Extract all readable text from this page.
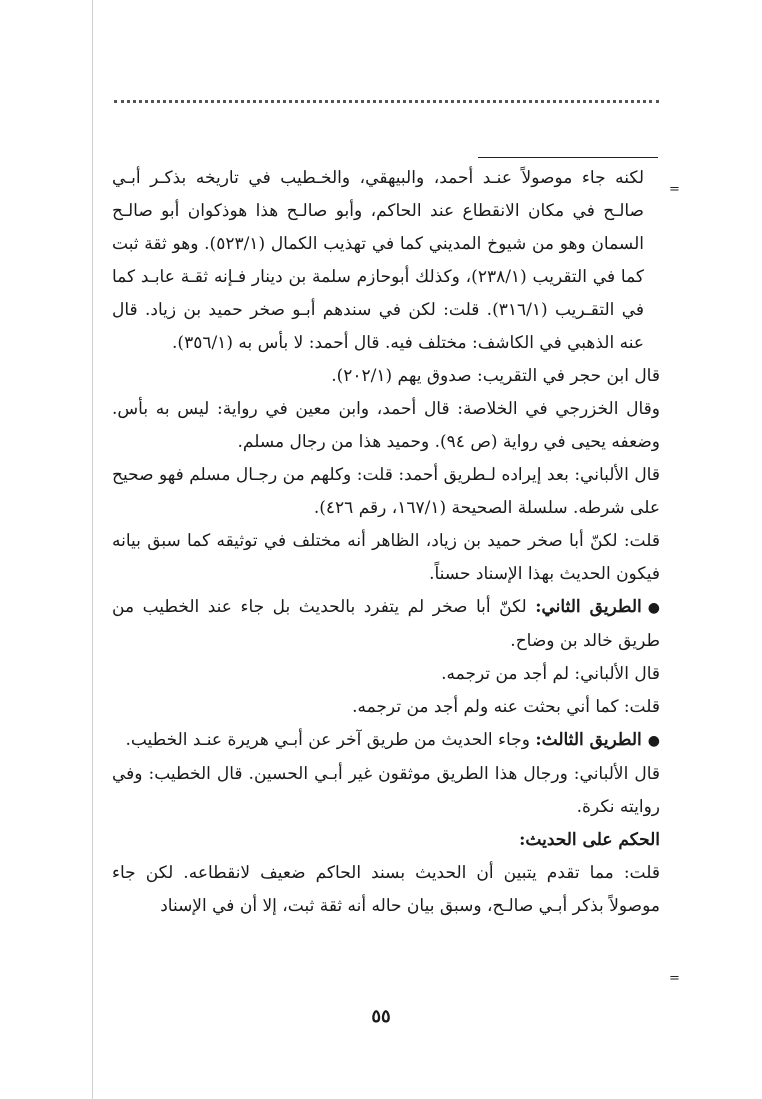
=
=

لكنه جاء موصولاً عنـد أحمد، والبيهقي، والخـطيب في تاريخه بذكـر أبـي صالـح في مكان الانقطاع عند الحاكم، وأبو صالـح هذا هوذكوان أبو صالـح السمان وهو من شيوخ المديني كما في تهذيب الكمال (٥٢٣/١). وهو ثقة ثبت كما في التقريب (٢٣٨/١)، وكذلك أبوحازم سلمة بن دينار فـإنه ثقـة عابـد كما في التقـريب (٣١٦/١). قلت: لكن في سندهم أبـو صخر حميد بن زياد. قال عنه الذهبي في الكاشف: مختلف فيه. قال أحمد: لا بأس به (٣٥٦/١).

قال ابن حجر في التقريب: صدوق يهم (٢٠٢/١).

وقال الخزرجي في الخلاصة: قال أحمد، وابن معين في رواية: ليس به بأس. وضعفه يحيى في رواية (ص ٩٤). وحميد هذا من رجال مسلم.

قال الألباني: بعد إيراده لـطريق أحمد: قلت: وكلهم من رجـال مسلم فهو صحيح على شرطه. سلسلة الصحيحة (١٦٧/١، رقم ٤٢٦).

قلت: لكنّ أبا صخر حميد بن زياد، الظاهر أنه مختلف في توثيقه كما سبق بيانه فيكون الحديث بهذا الإسناد حسناً.

●الطريق الثاني: لكنّ أبا صخر لم يتفرد بالحديث بل جاء عند الخطيب من طريق خالد بن وضاح.

قال الألباني: لم أجد من ترجمه.

قلت: كما أني بحثت عنه ولم أجد من ترجمه.

●الطريق الثالث: وجاء الحديث من طريق آخر عن أبـي هريرة عنـد الخطيب.

قال الألباني: ورجال هذا الطريق موثقون غير أبـي الحسين. قال الخطيب: وفي روايته نكرة.

الحكم على الحديث:

قلت: مما تقدم يتبين أن الحديث بسند الحاكم ضعيف لانقطاعه. لكن جاء موصولاً بذكر أبـي صالـح، وسبق بيان حاله أنه ثقة ثبت، إلا أن في الإسناد

٥٥
